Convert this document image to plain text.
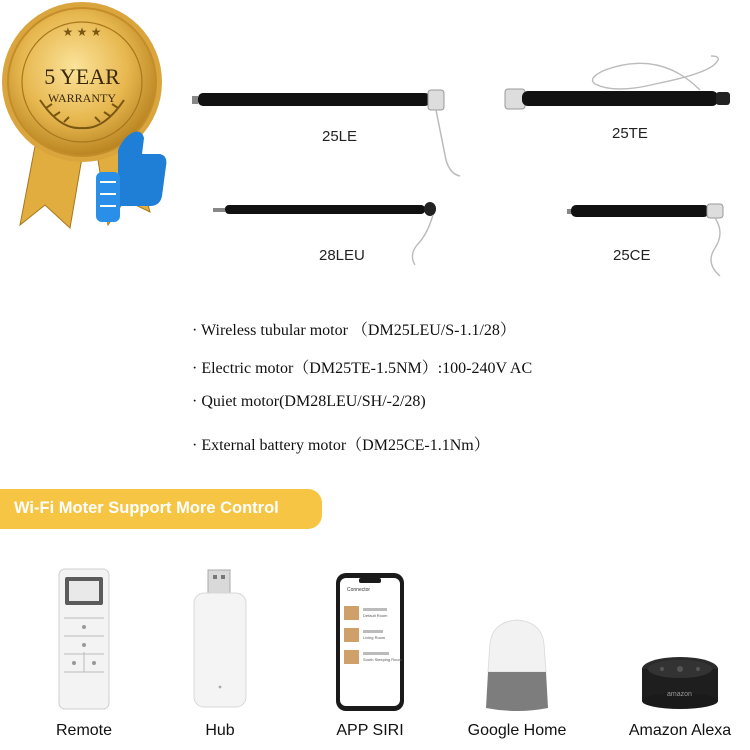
★ ★ ★
5 YEAR
WARRANTY
25LE	25TE
28LEU	25CE
· Wireless tubular motor （DM25LEU/S-1.1/28）
· Electric motor（DM25TE-1.5NM）:100-240V AC
· Quiet motor(DM28LEU/SH/-2/28)
· External battery motor（DM25CE-1.1Nm）
Wi-Fi Moter Support More Control
Remote	Hub
Connector
Default Room
Living Room
South Sleeping Room
APP SIRI	Google Home
amazon
Amazon Alexa
